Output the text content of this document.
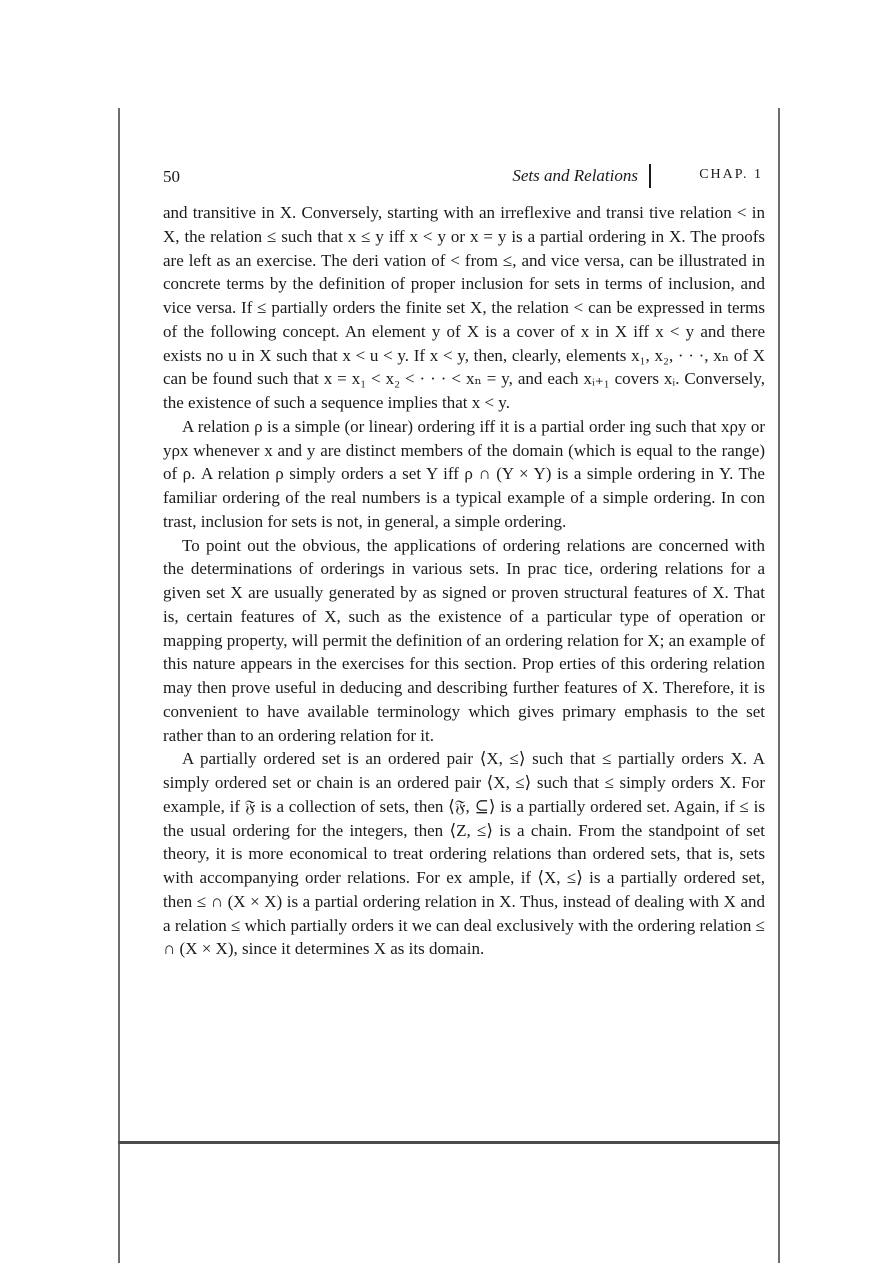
50	Sets and Relations	CHAP. 1

and transitive in X. Conversely, starting with an irreflexive and transi tive relation < in X, the relation ≤ such that x ≤ y iff x < y or x = y is a partial ordering in X. The proofs are left as an exercise. The deri vation of < from ≤, and vice versa, can be illustrated in concrete terms by the definition of proper inclusion for sets in terms of inclusion, and vice versa. If ≤ partially orders the finite set X, the relation < can be expressed in terms of the following concept. An element y of X is a cover of x in X iff x < y and there exists no u in X such that x < u < y. If x < y, then, clearly, elements x₁, x₂, · · ·, xₙ of X can be found such that x = x₁ < x₂ < · · · < xₙ = y, and each xᵢ₊₁ covers xᵢ. Conversely, the existence of such a sequence implies that x < y.

A relation ρ is a simple (or linear) ordering iff it is a partial order ing such that xρy or yρx whenever x and y are distinct members of the domain (which is equal to the range) of ρ. A relation ρ simply orders a set Y iff ρ ∩ (Y × Y) is a simple ordering in Y. The familiar ordering of the real numbers is a typical example of a simple ordering. In con trast, inclusion for sets is not, in general, a simple ordering.

To point out the obvious, the applications of ordering relations are concerned with the determinations of orderings in various sets. In prac tice, ordering relations for a given set X are usually generated by as signed or proven structural features of X. That is, certain features of X, such as the existence of a particular type of operation or mapping property, will permit the definition of an ordering relation for X; an example of this nature appears in the exercises for this section. Prop erties of this ordering relation may then prove useful in deducing and describing further features of X. Therefore, it is convenient to have available terminology which gives primary emphasis to the set rather than to an ordering relation for it.

A partially ordered set is an ordered pair ⟨X, ≤⟩ such that ≤ partially orders X. A simply ordered set or chain is an ordered pair ⟨X, ≤⟩ such that ≤ simply orders X. For example, if 𝔉 is a collection of sets, then ⟨𝔉, ⊆⟩ is a partially ordered set. Again, if ≤ is the usual ordering for the integers, then ⟨Z, ≤⟩ is a chain. From the standpoint of set theory, it is more economical to treat ordering relations than ordered sets, that is, sets with accompanying order relations. For ex ample, if ⟨X, ≤⟩ is a partially ordered set, then ≤ ∩ (X × X) is a partial ordering relation in X. Thus, instead of dealing with X and a relation ≤ which partially orders it we can deal exclusively with the ordering relation ≤ ∩ (X × X), since it determines X as its domain.
